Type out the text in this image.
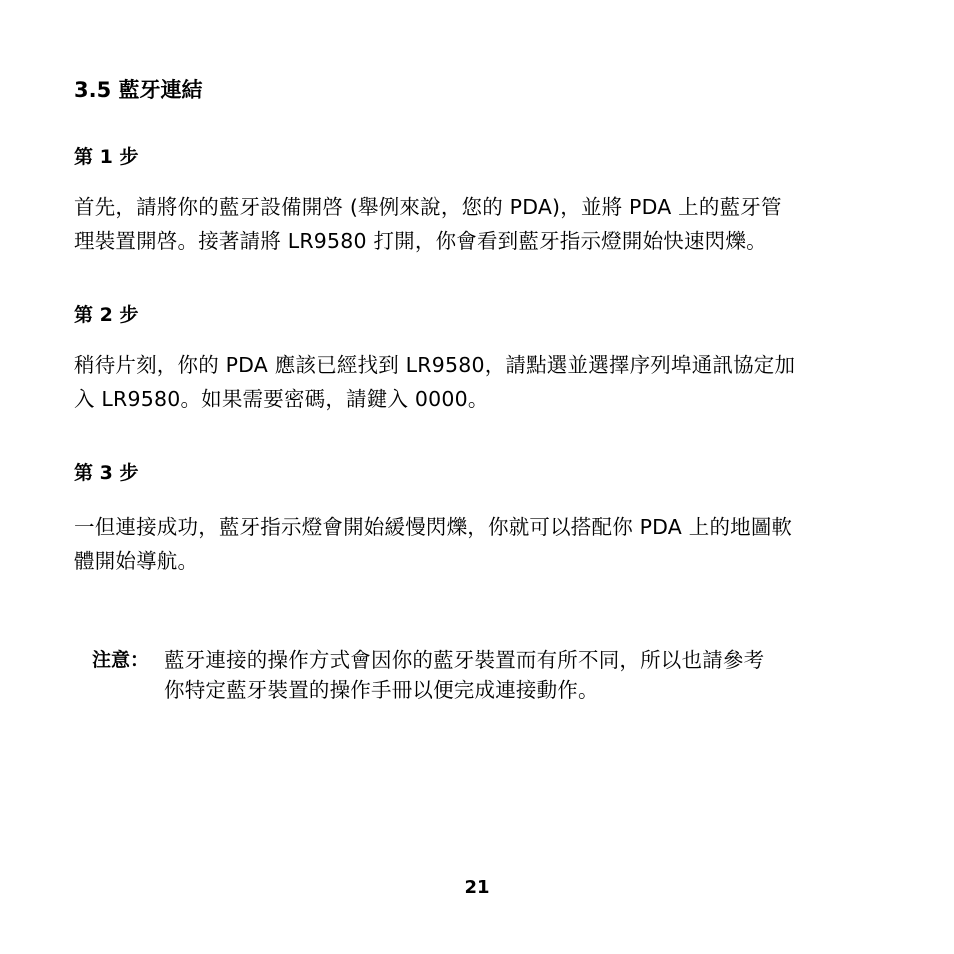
3.5 藍牙連結
第 1 步
首先，請將你的藍牙設備開啓 (舉例來說，您的 PDA)，並將 PDA 上的藍牙管
理裝置開啓。接著請將 LR9580 打開，你會看到藍牙指示燈開始快速閃爍。
第 2 步
稍待片刻，你的 PDA 應該已經找到 LR9580，請點選並選擇序列埠通訊協定加
入 LR9580。如果需要密碼，請鍵入 0000。
第 3 步
一但連接成功，藍牙指示燈會開始緩慢閃爍，你就可以搭配你 PDA 上的地圖軟
體開始導航。
注意： 藍牙連接的操作方式會因你的藍牙裝置而有所不同，所以也請參考
你特定藍牙裝置的操作手冊以便完成連接動作。
21
